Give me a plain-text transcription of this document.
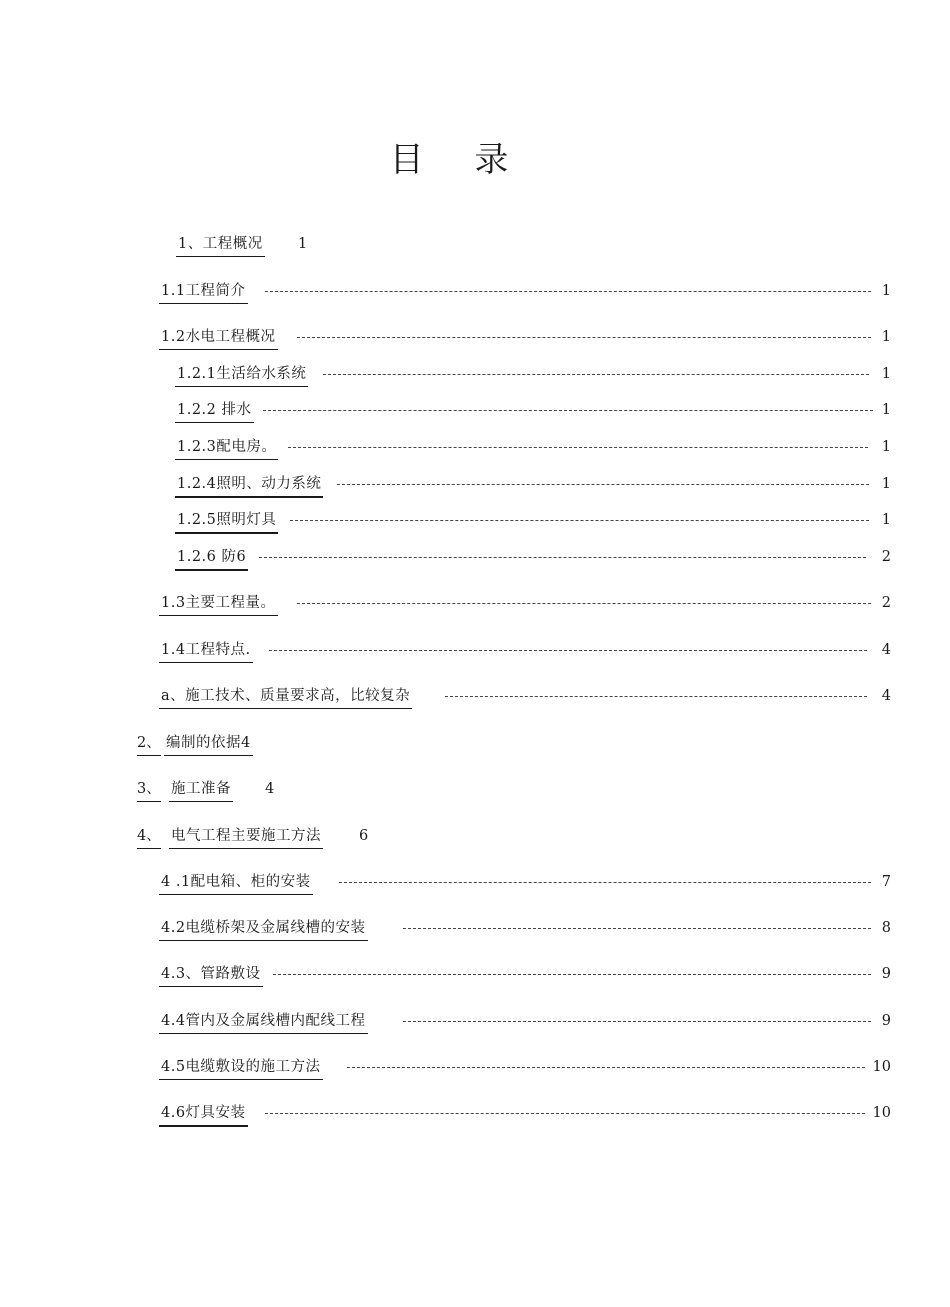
目 录
1、工程概况 1
1.1工程简介	1
1.2水电工程概况	1
1.2.1生活给水系统	1
1.2.2 排水	1
1.2.3配电房。	1
1.2.4照明、动力系统	1
1.2.5照明灯具	1
1.2.6 防6	2
1.3主要工程量。	2
1.4工程特点.	4
a、施工技术、质量要求高，比较复杂	4
2、 编制的依据4
3、 施工准备 4
4、 电气工程主要施工方法	6
4 .1配电箱、柜的安装	7
4.2电缆桥架及金属线槽的安装	8
4.3、管路敷设	9
4.4管内及金属线槽内配线工程	9
4.5电缆敷设的施工方法	10
4.6灯具安装	10
